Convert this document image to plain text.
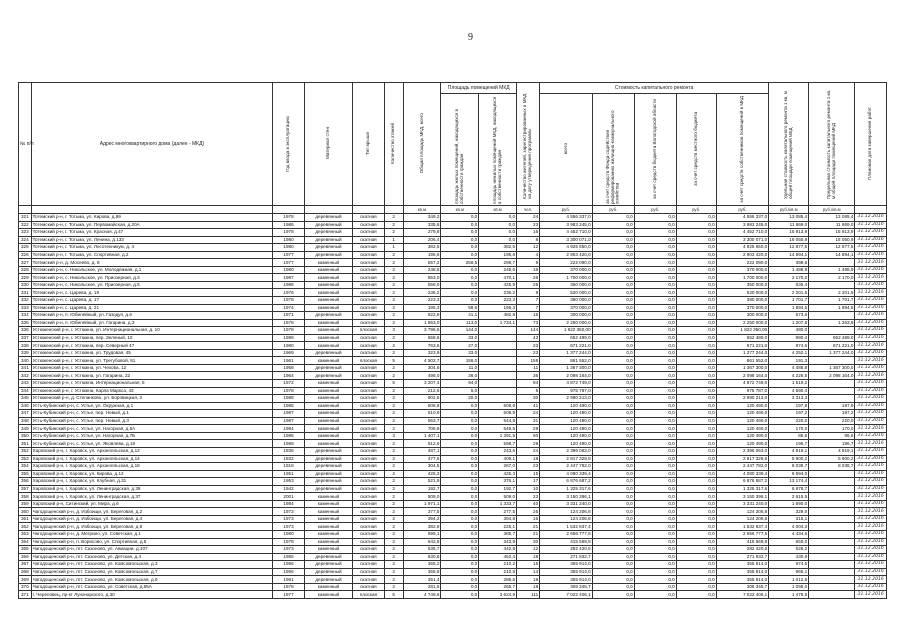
9
№ п/п	Адрес многоквартирного дома (далее - МКД)	Год ввода в эксплуатацию	Материал стен	Тип крыши	Количество этажей	Общая площадь МКД, всего	Площадь помещений МКД		Количество жителей, зарегистрированных в МКД на дату утверждения программы	Стоимость капитального ремонта					Удельная стоимость капитального ремонта 1 кв. м общей площади помещений МКД	Предельная стоимость капитального ремонта 1 кв. м общей площади помещений МКД	Плановая дата завершения работ
							площадь жилых помещений, находящихся в собственности граждан	площадь нежилых помещений МКД, находящихся в собственности граждан		всего	за счет средств Фонда содействия реформированию жилищно-коммунального хозяйства	за счет средств бюджета Вологодской области	за счет средств местного бюджета	за счет средств собственников помещений в МКД			
						кв.м	кв.м	кв.м	чел.	руб.	руб.	руб.	руб.	руб.	руб./кв.м	руб./кв.м	
321	Тотемский р-н, г. Тотьма, ул. Кирова, д.99	1978	деревянный	скатная	2	349,2	0,0	0,0	24	4 556 337,0	0,0	0,0	0,0	4 556 337,0	13 085,4	13 085,4	31.12.2016
322	Тотемский р-н, г. Тотьма, ул. Первомайская, д.20А	1986	деревянный	скатная	2	335,6	0,0	0,0	23	3 983 245,0	0,0	0,0	0,0	3 983 245,0	11 869,0	11 869,0	31.12.2016
323	Тотемский р-н, г. Тотьма, ул. Красная, д.47	1978	деревянный	скатная	2	279,8	0,0	0,0	16	4 452 710,0	0,0	0,0	0,0	4 452 710,0	15 913,9	15 913,9	31.12.2016
324	Тотемский р-н, г. Тотьма, ул. Ленина, д.133	1980	деревянный	скатная	1	206,4	0,0	0,0	8	3 300 071,0	0,0	0,0	0,0	3 300 071,0	16 050,9	16 050,9	31.12.2016
325	Тотемский р-н, г. Тотьма, ул. Лесотехникум, д. 4	1980	деревянный	скатная	1	382,5	0,0	382,5	12	4 925 650,0	0,0	0,0	0,0	4 925 650,0	12 877,5	12 877,5	31.12.2016
326	Тотемский р-н, г. Тотьма, ул. Спортивная, д.2	1977	деревянный	скатная	2	195,6	0,0	195,6	4	2 903 420,0	0,0	0,0	0,0	2 903 420,0	14 894,1	14 894,1	31.12.2016
327	Тотемский р-н, д. Мосеево, д. 8	1977	каменный	скатная	2	557,2	258,5	298,7	9	222 090,0	0,0	0,0	0,0	222 090,0	398,6		31.12.2016
328	Тотемский р-н, с. Никольское, ул. Молодежная, д.1	1980	каменный	скатная	2	248,5	0,0	248,5	16	370 000,0	0,0	0,0	0,0	370 000,0	1 488,9	1 488,9	31.12.2016
329	Тотемский р-н, с. Никольское, ул. Приозерная, д.3	1987	каменный	скатная	2	853,0	0,0	470,1	26	1 700 000,0	0,0	0,0	0,0	1 700 000,0	2 170,0	2 170,0	31.12.2016
330	Тотемский р-н, с. Никольское, ул. Приозерная, д.5	1986	каменный	скатная	2	558,0	0,0	425,9	25	350 000,0	0,0	0,0	0,0	350 000,0	635,4		31.12.2016
331	Тотемский р-н, с. Царева, д. 19	1976	каменный	скатная	2	236,2	0,0	236,2	9	520 000,0	0,0	0,0	0,0	520 000,0	2 201,5	2 201,5	31.12.2016
332	Тотемский р-н, с. Царева, д. 17	1978	каменный	скатная	2	223,3	0,0	223,3	7	380 000,0	0,0	0,0	0,0	380 000,0	1 701,7	1 701,7	31.12.2016
333	Тотемский р-н, с. Царева, д. 21	1974	каменный	скатная	2	195,3	58,6	195,3	7	370 000,0	0,0	0,0	0,0	370 000,0	1 894,5	1 894,5	31.12.2016
334	Тотемский р-н, п. Юбилейный, ул. Газодуя, д.6	1971	деревянный	скатная	2	522,9	41,1	482,8	16	300 000,0	0,0	0,0	0,0	300 000,0	573,6		31.12.2016
335	Тотемский р-н, п. Юбилейный, ул. Гагарина, д.3	1978	каменный	скатная	2	1 863,0	113,0	1 734,1	73	2 250 000,0	0,0	0,0	0,0	2 250 000,0	1 207,8	1 263,8	31.12.2016
336	Устюженский р-н, г. Устюжна, ул. Интернациональная, д. 10	1978	каменный	плоская	3	3 796,5	144,0		144	1 822 350,00	0,0	0,0	0,0	1 822 350,00	480,0		31.12.2016
337	Устюженский р-н, г. Устюжна, пер. Зеленый, 10	1989	каменный	скатная	2	658,6	33,0		43	652 489,0	0,0	0,0	0,0	652 489,0	990,4	652 489,0	31.12.2016
338	Устюженский р-н, г. Устюжна, пер. Северный 47	1980	каменный	скатная	2	763,6	27,0		23	671 221,0	0,0	0,0	0,0	671 221,0	874,6	671 221,0	31.12.2016
339	Устюженский р-н, г. Устюжна, ул. Трудовая, 45	1969	деревянный	скатная	2	323,9	33,0		23	1 377 244,0	0,0	0,0	0,0	1 377 244,0	4 252,1	1 377 244,0	31.12.2016
340	Устюженский р-н, г. Устюжна, ул. Трегубовой, 51	1961	каменный	плоская	5	4 502,7	158,0		158	861 552,0	0,0	0,0	0,0	861 552,0	191,3		31.12.2016
341	Устюженский р-н, г. Устюжна, ул. Чехова, 12	1958	деревянный	скатная	2	304,6	11,0		11	1 367 300,0	0,0	0,0	0,0	1 367 300,0	4 488,8	1 367 300,0	31.12.2016
342	Устюженский р-н, г. Устюжна, ул. Гагарина, 22	1964	деревянный	скатная	2	498,0	36,0		36	2 098 164,0	0,0	0,0	0,0	2 098 164,0	4 226,5	2 098 164,0	31.12.2016
343	Устюженский р-н, г. Устюжна, Интернациональная, 8	1972	каменный	скатная	5	3 207,4	94,0		94	4 872 749,0	0,0	0,0	0,0	4 872 749,0	1 519,2		31.12.2016
344	Устюженский р-н, г. Устюжна, Карла Маркса, 43	1978	каменный	скатная	2	212,6	5,0		5	975 787,0	0,0	0,0	0,0	975 787,0	4 590,4		31.12.2016
345	Устюженский р-н, д. Степанково, ул. Боровицкая, 3	1988	каменный	скатная	2	902,5	20,0		30	2 990 213,0	0,0	0,0	0,0	2 990 213,0	3 313,3		31.12.2016
346	Усть-Кубинский р-н, с. Устье, ул. Окружная, д.1	1985	каменный	скатная	2	606,8	0,0	608,8	41	120 490,0	0,0	0,0	0,0	120 490,0	197,9	197,9	31.12.2016
347	Усть-Кубинский р-н, с. Устье, пер. Новый, д.1	1987	каменный	скатная	2	610,9	0,0	608,9	24	120 490,0	0,0	0,0	0,0	120 490,0	197,2	197,2	31.12.2016
348	Усть-Кубинский р-н, с. Устье, пер. Новый, д.3	1987	каменный	скатная	2	563,7	0,0	544,8	31	120 490,0	0,0	0,0	0,0	120 490,0	220,0	220,0	31.12.2016
349	Усть-Кубинский р-н, с. Устье, ул. Нагорная, д.5А	1984	каменный	скатная	2	708,9	0,0	649,5	29	120 490,0	0,0	0,0	0,0	120 490,0	170,0	170,0	31.12.2016
350	Усть-Кубинский р-н, с. Устье, ул. Нагорная, д.7Б	1985	каменный	скатная	3	1 407,1	0,0	1 391,5	60	120 490,0	0,0	0,0	0,0	120 490,0	85,6	85,6	31.12.2016
351	Усть-Кубинский р-н, с. Устье, ул. Яковлева, д.19	1989	каменный	скатная	2	612,6	0,0	598,7	29	120 490,0	0,0	0,0	0,0	120 490,0	196,7	196,7	31.12.2016
352	Харовский р-н, г. Харовск, ул. Архангельская, д.12	1936	деревянный	скатная	2	487,1	0,0	243,6	24	2 396 063,0	0,0	0,0	0,0	2 396 063,0	4 919,1	4 919,1	31.12.2016
353	Харовский р-н, г. Харовск, ул. Архангельская, д.14	1932	деревянный	скатная	2	477,5	0,0	409,1	18	2 817 329,5	0,0	0,0	0,0	2 817 329,5	5 900,2	5 900,2	31.12.2016
354	Харовский р-н, г. Харовск, ул. Архангельская, д.18	1918	деревянный	скатная	2	304,5	0,0	267,0	23	2 447 782,0	0,0	0,0	0,0	2 447 782,0	8 038,7	8 038,7	31.12.2016
355	Харовский р-н, г. Харовск, ул. Кирова, д.12	1951	деревянный	скатная	2	425,3	0,0	425,3	15	4 080 339,4	0,0	0,0	0,0	4 080 339,4	9 594,0		31.12.2016
356	Харовский р-н, г. Харовск, ул. Клубная, д.31	1953	деревянный	скатная	2	521,9	0,0	376,1	17	6 876 687,2	0,0	0,0	0,0	6 876 687,2	13 174,4		31.12.2016
357	Харовский р-н, г. Харовск, ул. Ленинградская, д.39	1942	деревянный	скатная	2	192,7	0,0	192,7	10	1 325 317,6	0,0	0,0	0,0	1 325 317,6	6 878,7		31.12.2016
358	Харовский р-н, г. Харовск, ул. Ленинградская, д.37	2001	каменный	скатная	2	509,0	0,0	509,0	23	3 150 396,1	0,0	0,0	0,0	3 150 396,1	2 615,5		31.12.2016
359	Харовский р-н, Ситинский, ул. Мира, д.6	1984	каменный	скатная	2	1 971,1	0,0	1 333,7	40	3 331 240,0	0,0	0,0	0,0	3 331 240,0	1 690,0		31.12.2016
360	Чагодощенский р-н, д. Избоищи, ул. Береговая, д.2	1973	каменный	скатная	2	377,5	0,0	277,5	25	124 206,8	0,0	0,0	0,0	124 206,8	329,0		31.12.2016
361	Чагодощенский р-н, д. Избоищи, ул. Береговая, д.4	1973	каменный	скатная	2	394,2	0,0	394,8	16	124 206,8	0,0	0,0	0,0	124 206,8	315,1		31.12.2016
362	Чагодощенский р-н, д. Избоищи, ул. Береговая, д.8	1973	каменный	скатная	2	382,8	0,0	225,1	21	1 532 837,4	0,0	0,0	0,0	1 532 837,4	4 004,3		31.12.2016
363	Чагодощенский р-н, д. Мегрино, ул. Советская, д.1	1980	каменный	скатная	2	599,1	0,0	385,7	21	2 656 777,6	0,0	0,0	0,0	2 656 777,6	4 434,6		31.12.2016
364	Чагодощенский р-н, п. Борисово, ул. Спортивная, д.5	1978	каменный	скатная	2	642,8	0,0	343,9	30	415 569,8	0,0	0,0	0,0	415 569,8	650,0		31.12.2016
365	Чагодощенский р-н, пгт. Сазоново, ул. Авиации, д.107	1973	каменный	скатная	2	536,7	0,0	442,8	12	282 420,5	0,0	0,0	0,0	282 420,5	526,2		31.12.2016
366	Чагодощенский р-н, пгт. Сазоново, ул. Детская, д.4	1955	деревянный	скатная	2	630,8	0,0	452,4	18	271 832,7	0,0	0,0	0,0	271 832,7	430,9		31.12.2016
367	Чагодощенский р-н, пгт. Сазоново, ул. Комсомольская, д.3	1956	деревянный	скатная	2	365,2	0,0	210,2	15	355 914,0	0,0	0,0	0,0	355 914,0	974,5		31.12.2016
368	Чагодощенский р-н, пгт. Сазоново, ул. Комсомольская, д.7	1956	деревянный	скатная	2	366,8	0,0	210,8	14	355 914,0	0,0	0,0	0,0	355 914,0	965,1		31.12.2016
369	Чагодощенский р-н, пгт. Сазоново, ул. Комсомольская, д.9	1961	деревянный	скатная	2	351,4	0,0	286,6	19	355 914,0	0,0	0,0	0,0	355 914,0	1 012,8		31.12.2016
370	Чагодощенский р-н, пгт. Сазоново, ул. Советская, д.85А	1978	каменный	скатная	2	281,6	0,0	265,7	18	308 345,7	0,0	0,0	0,0	308 345,7	1 095,0		31.12.2016
371	г. Череповец, пр-кт Луначарского, д.30	1977	каменный	плоская	5	4 749,6	0,0	3 624,9	111	7 022 406,1	0,0	0,0	0,0	7 022 406,1	1 478,5		31.12.2016
